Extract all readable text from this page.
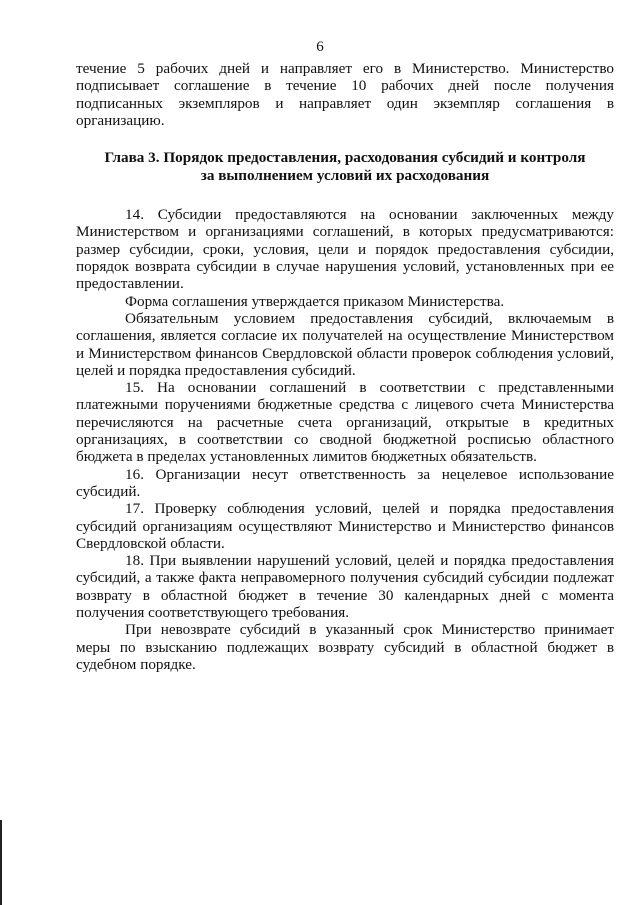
6

течение 5 рабочих дней и направляет его в Министерство. Министерство подписывает соглашение в течение 10 рабочих дней после получения подписанных экземпляров и направляет один экземпляр соглашения в организацию.

Глава 3. Порядок предоставления, расходования субсидий и контроля
за выполнением условий их расходования

14. Субсидии предоставляются на основании заключенных между Министерством и организациями соглашений, в которых предусматриваются: размер субсидии, сроки, условия, цели и порядок предоставления субсидии, порядок возврата субсидии в случае нарушения условий, установленных при ее предоставлении.

Форма соглашения утверждается приказом Министерства.

Обязательным условием предоставления субсидий, включаемым в соглашения, является согласие их получателей на осуществление Министерством и Министерством финансов Свердловской области проверок соблюдения условий, целей и порядка предоставления субсидий.

15. На основании соглашений в соответствии с представленными платежными поручениями бюджетные средства с лицевого счета Министерства перечисляются на расчетные счета организаций, открытые в кредитных организациях, в соответствии со сводной бюджетной росписью областного бюджета в пределах установленных лимитов бюджетных обязательств.

16. Организации несут ответственность за нецелевое использование субсидий.

17. Проверку соблюдения условий, целей и порядка предоставления субсидий организациям осуществляют Министерство и Министерство финансов Свердловской области.

18. При выявлении нарушений условий, целей и порядка предоставления субсидий, а также факта неправомерного получения субсидий субсидии подлежат возврату в областной бюджет в течение 30 календарных дней с момента получения соответствующего требования.

При невозврате субсидий в указанный срок Министерство принимает меры по взысканию подлежащих возврату субсидий в областной бюджет в судебном порядке.
